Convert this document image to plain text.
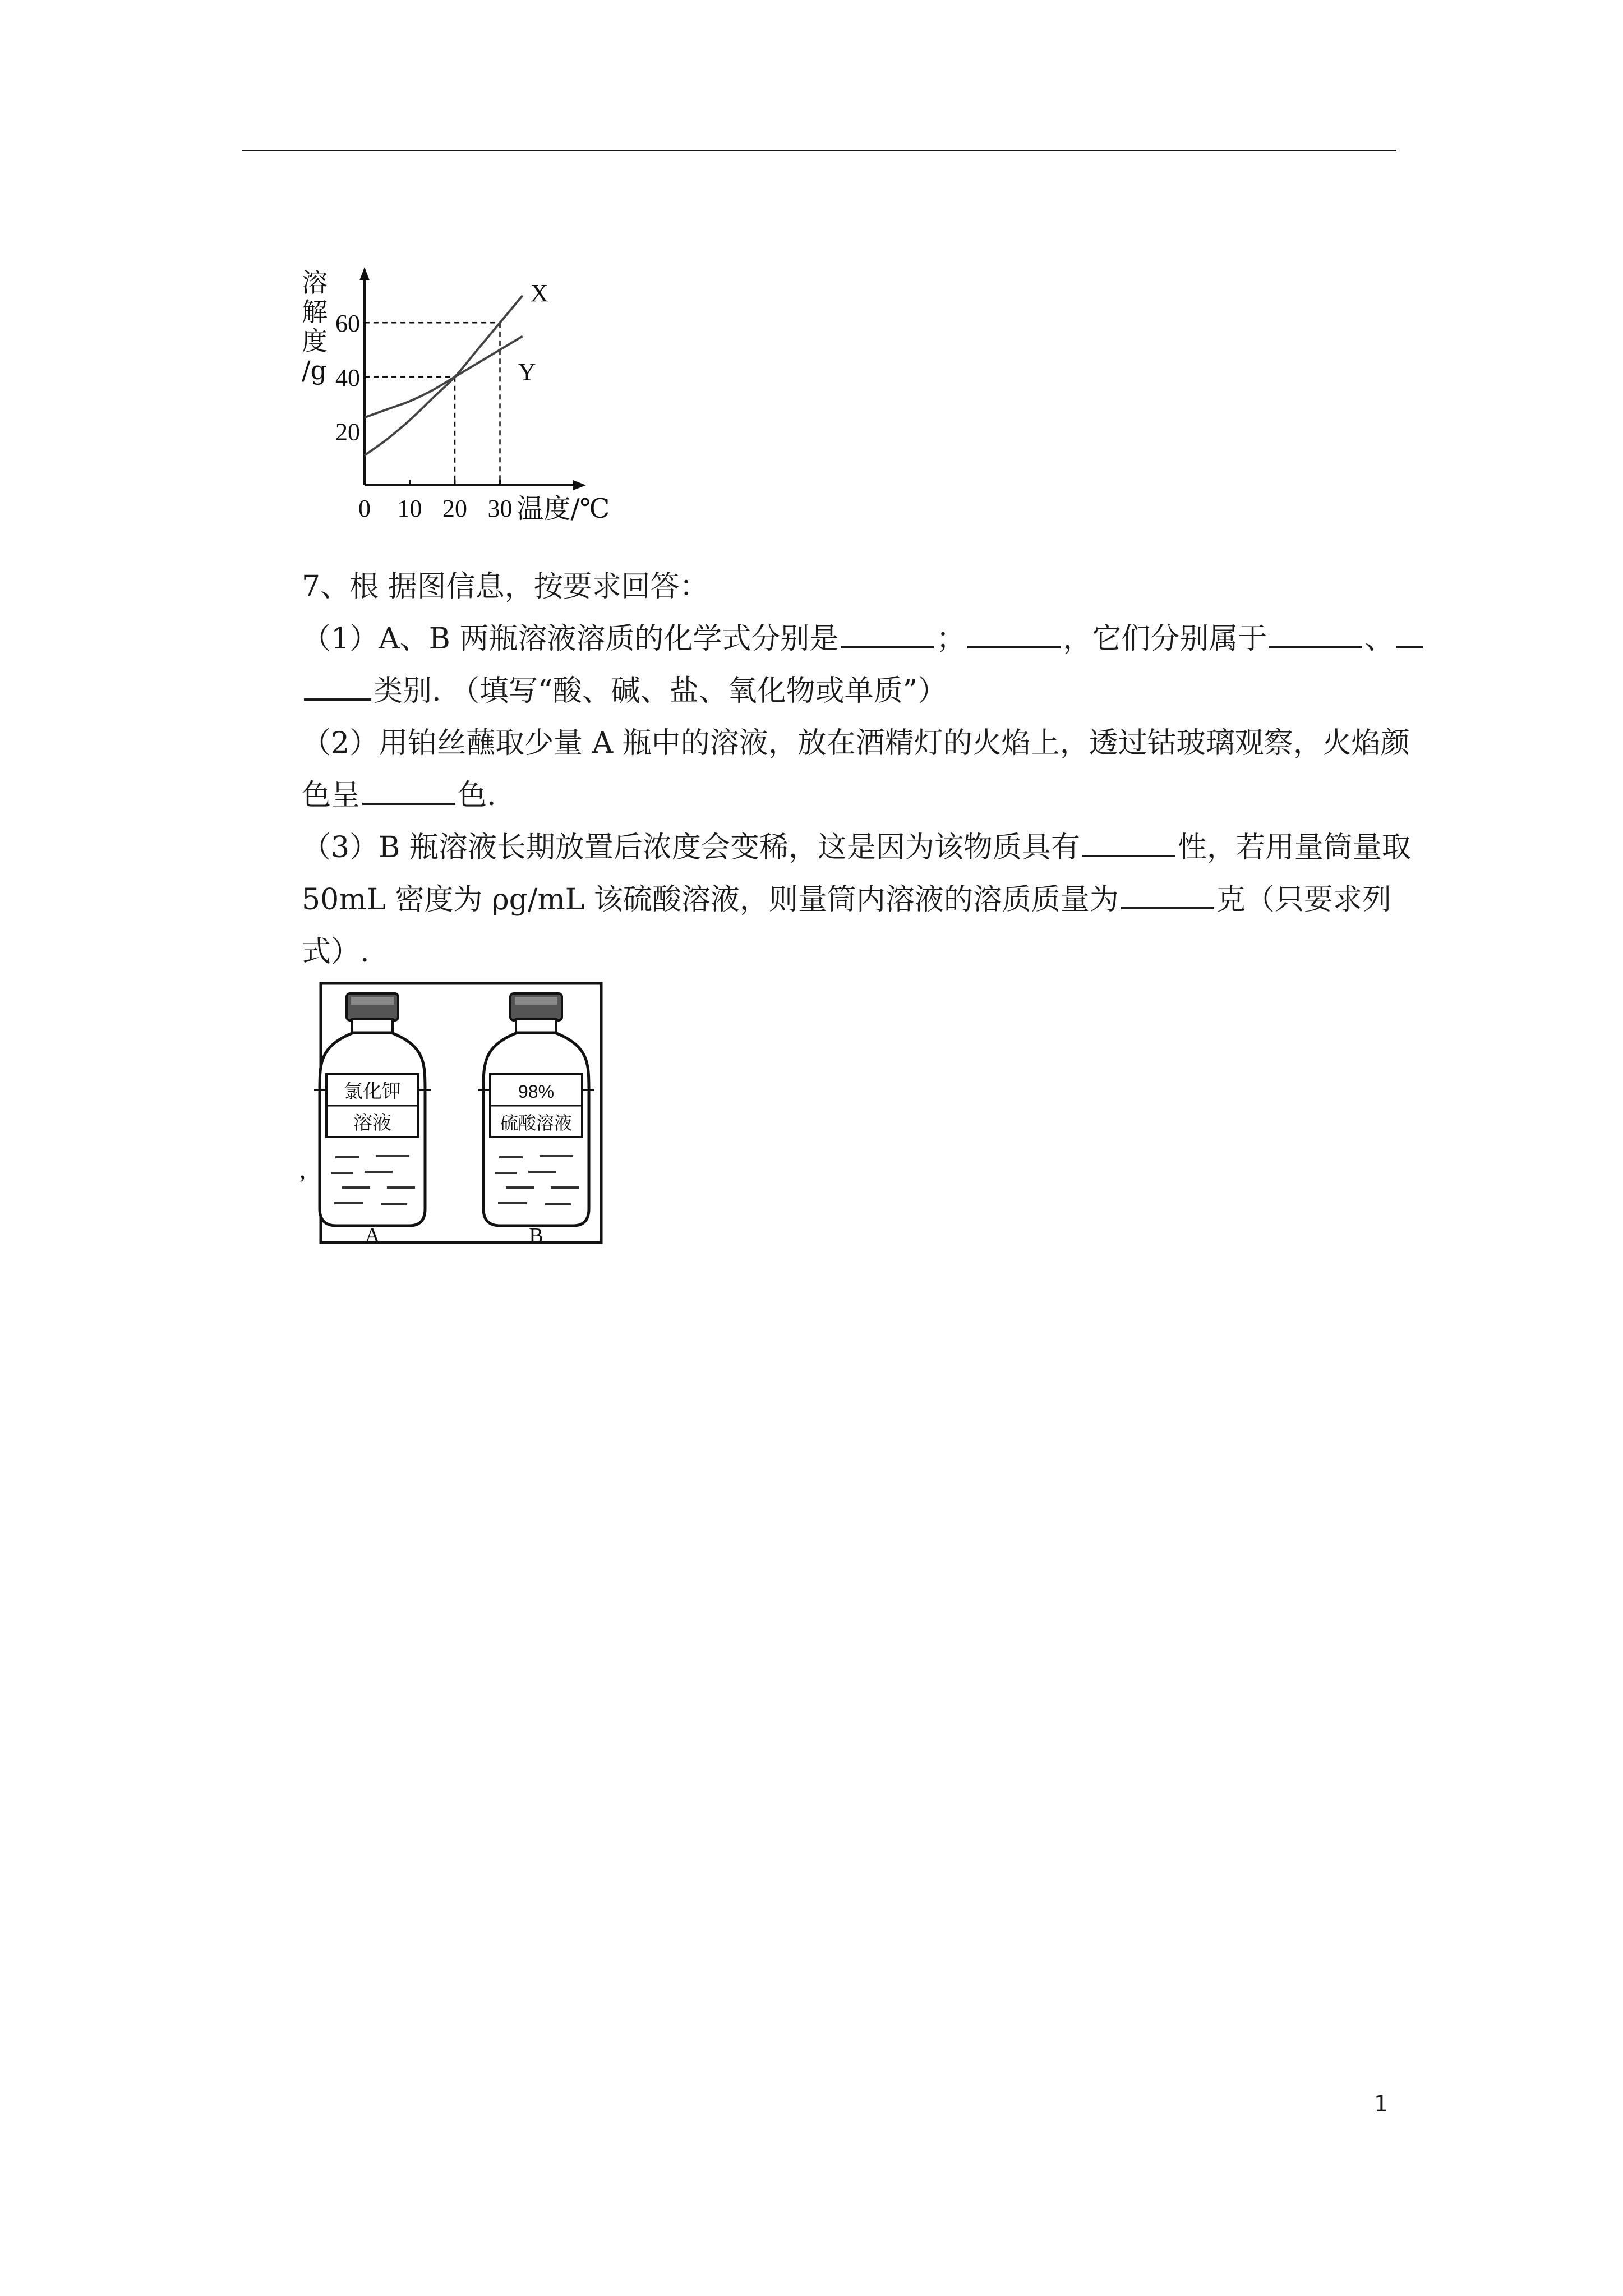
X
Y
20
40
60
0 10 20 30 温度/℃
溶
解
度
/g
7、根 据图信息，按要求回答：
（1）A、B 两瓶溶液溶质的化学式分别是	；	，它们分别属于	、
类别. （填写“酸、碱、盐、氧化物或单质”）
（2）用铂丝蘸取少量 A 瓶中的溶液，放在酒精灯的火焰上，透过钴玻璃观察，火焰颜
色呈	色.
（3）B 瓶溶液长期放置后浓度会变稀，这是因为该物质具有	性，若用量筒量取
50mL 密度为 ρg/mL 该硫酸溶液，则量筒内溶液的溶质质量为	克（只要求列
式）.
,
氯化钾
溶液
A
98%
硫酸溶液
B
1
